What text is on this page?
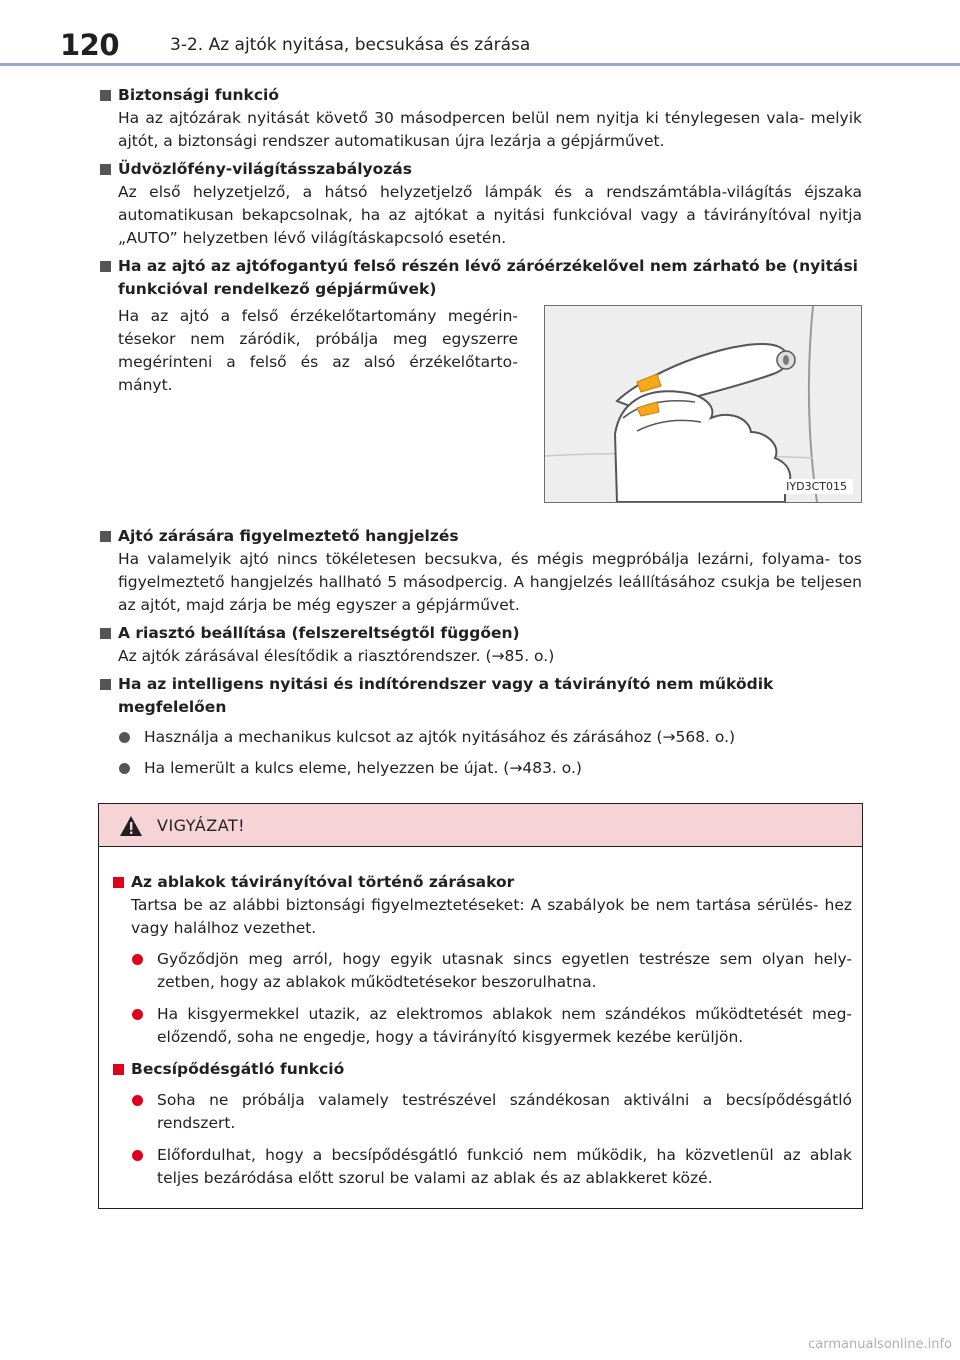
120	3-2. Az ajtók nyitása, becsukása és zárása
Biztonsági funkció
Ha az ajtózárak nyitását követő 30 másodpercen belül nem nyitja ki ténylegesen vala- melyik ajtót, a biztonsági rendszer automatikusan újra lezárja a gépjárművet.
Üdvözlőfény-világításszabályozás
Az első helyzetjelző, a hátsó helyzetjelző lámpák és a rendszámtábla-világítás éjszaka automatikusan bekapcsolnak, ha az ajtókat a nyitási funkcióval vagy a távirányítóval nyitja „AUTO” helyzetben lévő világításkapcsoló esetén.
Ha az ajtó az ajtófogantyú felső részén lévő záróérzékelővel nem zárható be (nyitási funkcióval rendelkező gépjárművek)
Ha az ajtó a felső érzékelőtartomány megérin- tésekor nem záródik, próbálja meg egyszerre megérinteni a felső és az alsó érzékelőtarto- mányt.
IYD3CT015
Ajtó zárására figyelmeztető hangjelzés
Ha valamelyik ajtó nincs tökéletesen becsukva, és mégis megpróbálja lezárni, folyama- tos figyelmeztető hangjelzés hallható 5 másodpercig. A hangjelzés leállításához csukja be teljesen az ajtót, majd zárja be még egyszer a gépjárművet.
A riasztó beállítása (felszereltségtől függően)
Az ajtók zárásával élesítődik a riasztórendszer. (→85. o.)
Ha az intelligens nyitási és indítórendszer vagy a távirányító nem működik megfelelően
Használja a mechanikus kulcsot az ajtók nyitásához és zárásához (→568. o.)
Ha lemerült a kulcs eleme, helyezzen be újat. (→483. o.)
VIGYÁZAT!
Az ablakok távirányítóval történő zárásakor
Tartsa be az alábbi biztonsági figyelmeztetéseket: A szabályok be nem tartása sérülés- hez vagy halálhoz vezethet.
Győződjön meg arról, hogy egyik utasnak sincs egyetlen testrésze sem olyan hely- zetben, hogy az ablakok működtetésekor beszorulhatna.
Ha kisgyermekkel utazik, az elektromos ablakok nem szándékos működtetését meg- előzendő, soha ne engedje, hogy a távirányító kisgyermek kezébe kerüljön.
Becsípődésgátló funkció
Soha ne próbálja valamely testrészével szándékosan aktiválni a becsípődésgátló rendszert.
Előfordulhat, hogy a becsípődésgátló funkció nem működik, ha közvetlenül az ablak teljes bezáródása előtt szorul be valami az ablak és az ablakkeret közé.
carmanualsonline.info
